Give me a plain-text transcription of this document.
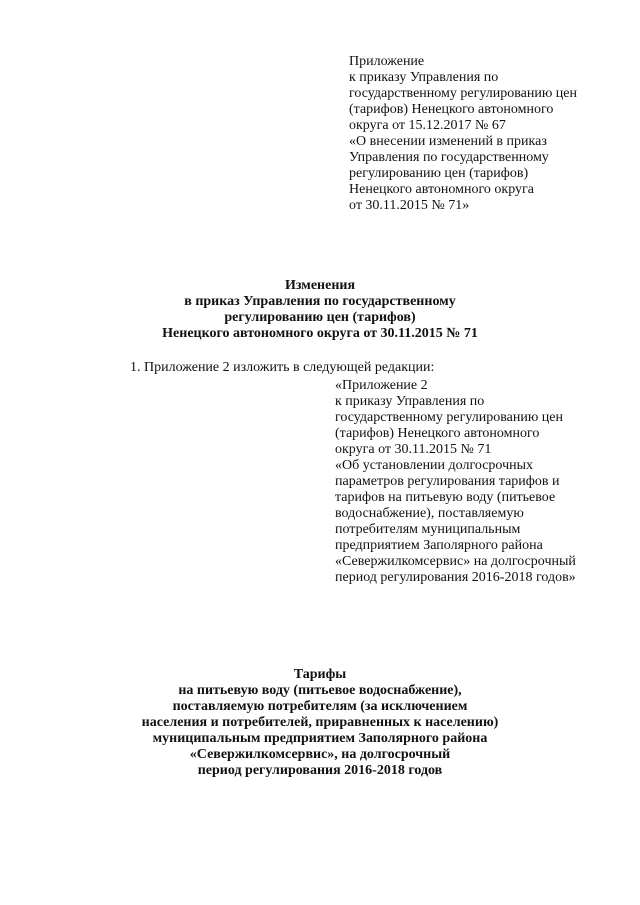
Приложение
к приказу Управления по
государственному регулированию цен
(тарифов) Ненецкого автономного
округа от 15.12.2017 № 67
«О внесении изменений в приказ
Управления по государственному
регулированию цен (тарифов)
Ненецкого автономного округа
от 30.11.2015 № 71»
Изменения
в приказ Управления по государственному
регулированию цен (тарифов)
Ненецкого автономного округа от 30.11.2015 № 71
1. Приложение 2 изложить в следующей редакции:
«Приложение 2
к приказу Управления по
государственному регулированию цен
(тарифов) Ненецкого автономного
округа от 30.11.2015 № 71
«Об установлении долгосрочных
параметров регулирования тарифов и
тарифов на питьевую воду (питьевое
водоснабжение), поставляемую
потребителям муниципальным
предприятием Заполярного района
«Севержилкомсервис» на долгосрочный
период регулирования 2016-2018 годов»
Тарифы
на питьевую воду (питьевое водоснабжение),
поставляемую потребителям (за исключением
населения и потребителей, приравненных к населению)
муниципальным предприятием Заполярного района
«Севержилкомсервис», на долгосрочный
период регулирования 2016-2018 годов
